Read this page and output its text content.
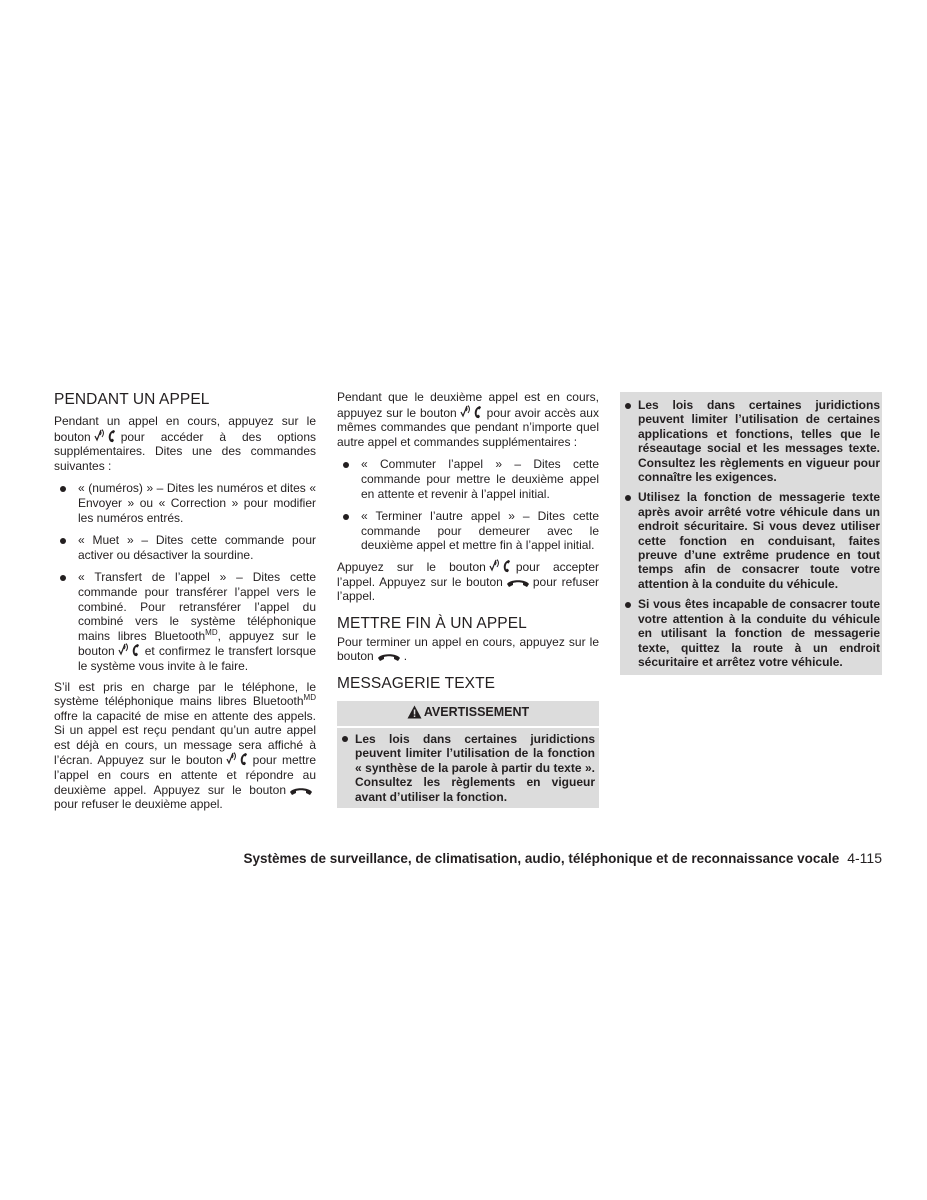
PENDANT UN APPEL

Pendant un appel en cours, appuyez sur le bouton	pour accéder à des options supplémentaires. Dites une des commandes suivantes :

« (numéros) » – Dites les numéros et dites « Envoyer » ou « Correction » pour modifier les numéros entrés.
« Muet » – Dites cette commande pour activer ou désactiver la sourdine.
« Transfert de l’appel » – Dites cette commande pour transférer l’appel vers le combiné. Pour retransférer l’appel du combiné vers le système téléphonique mains libres Bluetooth$^{MD}$, appuyez sur le bouton	et confirmez le transfert lorsque le système vous invite à le faire.

S’il est pris en charge par le téléphone, le système téléphonique mains libres Bluetooth$^{MD}$ offre la capacité de mise en attente des appels. Si un appel est reçu pendant qu’un autre appel est déjà en cours, un message sera affiché à l’écran. Appuyez sur le bouton	pour mettre l’appel en cours en attente et répondre au deuxième appel. Appuyez sur le bouton
pour refuser le deuxième appel.

Pendant que le deuxième appel est en cours, appuyez sur le bouton	pour avoir accès aux mêmes commandes que pendant n’importe quel autre appel et commandes supplémentaires :

« Commuter l’appel » – Dites cette commande pour mettre le deuxième appel en attente et revenir à l’appel initial.
« Terminer l’autre appel » – Dites cette commande pour demeurer avec le deuxième appel et mettre fin à l’appel initial.

Appuyez sur le bouton	pour accepter l’appel. Appuyez sur le bouton	pour refuser l’appel.

METTRE FIN À UN APPEL

Pour terminer un appel en cours, appuyez sur le bouton	.

MESSAGERIE TEXTE
AVERTISSEMENT
Les lois dans certaines juridictions peuvent limiter l’utilisation de la fonction « synthèse de la parole à partir du texte ». Consultez les règlements en vigueur avant d’utiliser la fonction.
Les lois dans certaines juridictions peuvent limiter l’utilisation de certaines applications et fonctions, telles que le réseautage social et les messages texte. Consultez les règlements en vigueur pour connaître les exigences.
Utilisez la fonction de messagerie texte après avoir arrêté votre véhicule dans un endroit sécuritaire. Si vous devez utiliser cette fonction en conduisant, faites preuve d’une extrême prudence en tout temps afin de consacrer toute votre attention à la conduite du véhicule.
Si vous êtes incapable de consacrer toute votre attention à la conduite du véhicule en utilisant la fonction de messagerie texte, quittez la route à un endroit sécuritaire et arrêtez votre véhicule.
Systèmes de surveillance, de climatisation, audio, téléphonique et de reconnaissance vocale 4-115
